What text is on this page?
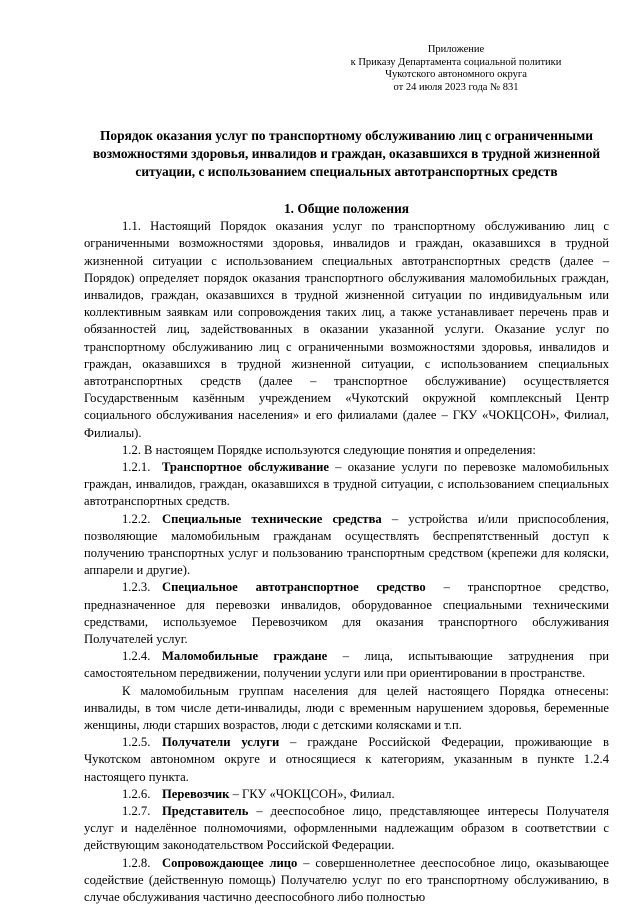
Приложение
к Приказу Департамента социальной политики
Чукотского автономного округа
от 24 июля 2023 года № 831
Порядок оказания услуг по транспортному обслуживанию лиц с ограниченными возможностями здоровья, инвалидов и граждан, оказавшихся в трудной жизненной ситуации, с использованием специальных автотранспортных средств
1. Общие положения

1.1. Настоящий Порядок оказания услуг по транспортному обслуживанию лиц с ограниченными возможностями здоровья, инвалидов и граждан, оказавшихся в трудной жизненной ситуации с использованием специальных автотранспортных средств (далее – Порядок) определяет порядок оказания транспортного обслуживания маломобильных граждан, инвалидов, граждан, оказавшихся в трудной жизненной ситуации по индивидуальным или коллективным заявкам или сопровождения таких лиц, а также устанавливает перечень прав и обязанностей лиц, задействованных в оказании указанной услуги. Оказание услуг по транспортному обслуживанию лиц с ограниченными возможностями здоровья, инвалидов и граждан, оказавшихся в трудной жизненной ситуации, с использованием специальных автотранспортных средств (далее – транспортное обслуживание) осуществляется Государственным казённым учреждением «Чукотский окружной комплексный Центр социального обслуживания населения» и его филиалами (далее – ГКУ «ЧОКЦСОН», Филиал, Филиалы).

1.2. В настоящем Порядке используются следующие понятия и определения:

1.2.1. Транспортное обслуживание – оказание услуги по перевозке маломобильных граждан, инвалидов, граждан, оказавшихся в трудной ситуации, с использованием специальных автотранспортных средств.

1.2.2. Специальные технические средства – устройства и/или приспособления, позволяющие маломобильным гражданам осуществлять беспрепятственный доступ к получению транспортных услуг и пользованию транспортным средством (крепежи для коляски, аппарели и другие).

1.2.3. Специальное автотранспортное средство – транспортное средство, предназначенное для перевозки инвалидов, оборудованное специальными техническими средствами, используемое Перевозчиком для оказания транспортного обслуживания Получателей услуг.

1.2.4. Маломобильные граждане – лица, испытывающие затруднения при самостоятельном передвижении, получении услуги или при ориентировании в пространстве.

К маломобильным группам населения для целей настоящего Порядка отнесены: инвалиды, в том числе дети-инвалиды, люди с временным нарушением здоровья, беременные женщины, люди старших возрастов, люди с детскими колясками и т.п.

1.2.5. Получатели услуги – граждане Российской Федерации, проживающие в Чукотском автономном округе и относящиеся к категориям, указанным в пункте 1.2.4 настоящего пункта.

1.2.6. Перевозчик – ГКУ «ЧОКЦСОН», Филиал.

1.2.7. Представитель – дееспособное лицо, представляющее интересы Получателя услуг и наделённое полномочиями, оформленными надлежащим образом в соответствии с действующим законодательством Российской Федерации.

1.2.8. Сопровождающее лицо – совершеннолетнее дееспособное лицо, оказывающее содействие (действенную помощь) Получателю услуг по его транспортному обслуживанию, в случае обслуживания частично дееспособного либо полностью
